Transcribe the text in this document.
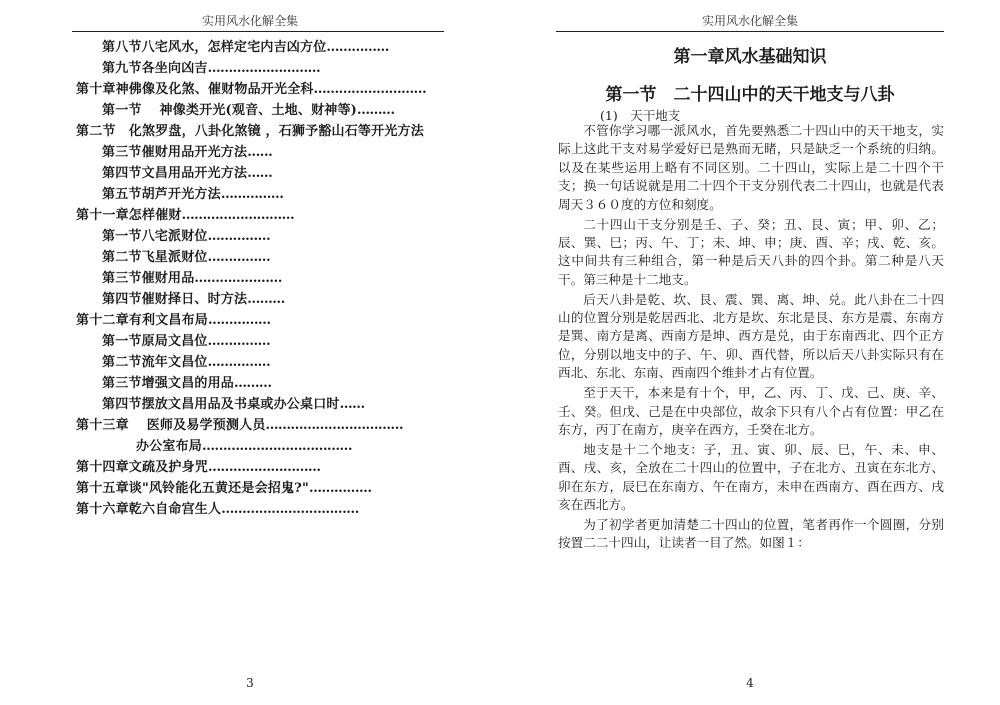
实用风水化解全集
第八节八宅风水，怎样定宅内吉凶方位……………
第九节各坐向凶吉………………………
第十章神佛像及化煞、催财物品开光全科………………………
第一节　 神像类开光(观音、土地、财神等)………
第二节　化煞罗盘，八卦化煞镜 ，石狮予豁山石等开光方法
第三节催财用品开光方法……
第四节文昌用品开光方法……
第五节胡芦开光方法……………
第十一章怎样催财………………………
第一节八宅派财位……………
第二节飞星派财位……………
第三节催财用品…………………
第四节催财择日、时方法………
第十二章有利文昌布局……………
第一节原局文昌位……………
第二节流年文昌位……………
第三节增强文昌的用品………
第四节摆放文昌用品及书桌或办公桌口时……
第十三章　 医师及易学预测人员……………………………
办公室布局………………………………
第十四章文疏及护身咒………………………
第十五章谈"风铃能化五黄还是会招鬼?"……………
第十六章乾六自命宫生人……………………………
3
实用风水化解全集
第一章风水基础知识
第一节　二十四山中的天干地支与八卦
(1)　天干地支

不管你学习哪一派风水，首先要熟悉二十四山中的天干地支，实际上这此干支对易学爱好已是熟而无睹，只是缺乏一个系统的归纳。以及在某些运用上略有不同区别。二十四山，实际上是二十四个干支；换一句话说就是用二十四个干支分别代表二十四山，也就是代表周天３６０度的方位和刻度。

二十四山干支分别是壬、子、癸；丑、艮、寅；甲、卯、乙；辰、巽、巳；丙、午、丁；未、坤、申；庚、酉、辛；戌、乾、亥。这中间共有三种组合，第一种是后天八卦的四个卦。第二种是八天干。第三种是十二地支。

后天八卦是乾、坎、艮、震、巽、离、坤、兑。此八卦在二十四山的位置分别是乾居西北、北方是坎、东北是艮、东方是震、东南方是巽、南方是离、西南方是坤、西方是兑，由于东南西北、四个正方位，分别以地支中的子、午、卯、酉代替，所以后天八卦实际只有在西北、东北、东南、西南四个维卦才占有位置。

至于天干，本来是有十个，甲，乙、丙、丁、戊、己、庚、辛、壬、癸。但戊、己是在中央部位，故余下只有八个占有位置：甲乙在东方，丙丁在南方，庚辛在西方，壬癸在北方。

地支是十二个地支：子，丑、寅、卯、辰、巳，午、未、申、酉、戌、亥，全放在二十四山的位置中，子在北方、丑寅在东北方、卯在东方，辰巳在东南方、午在南方，未申在西南方、酉在西方、戌亥在西北方。

为了初学者更加清楚二十四山的位置，笔者再作一个圆圈，分别按置二二十四山，让读者一目了然。如图１：

4
